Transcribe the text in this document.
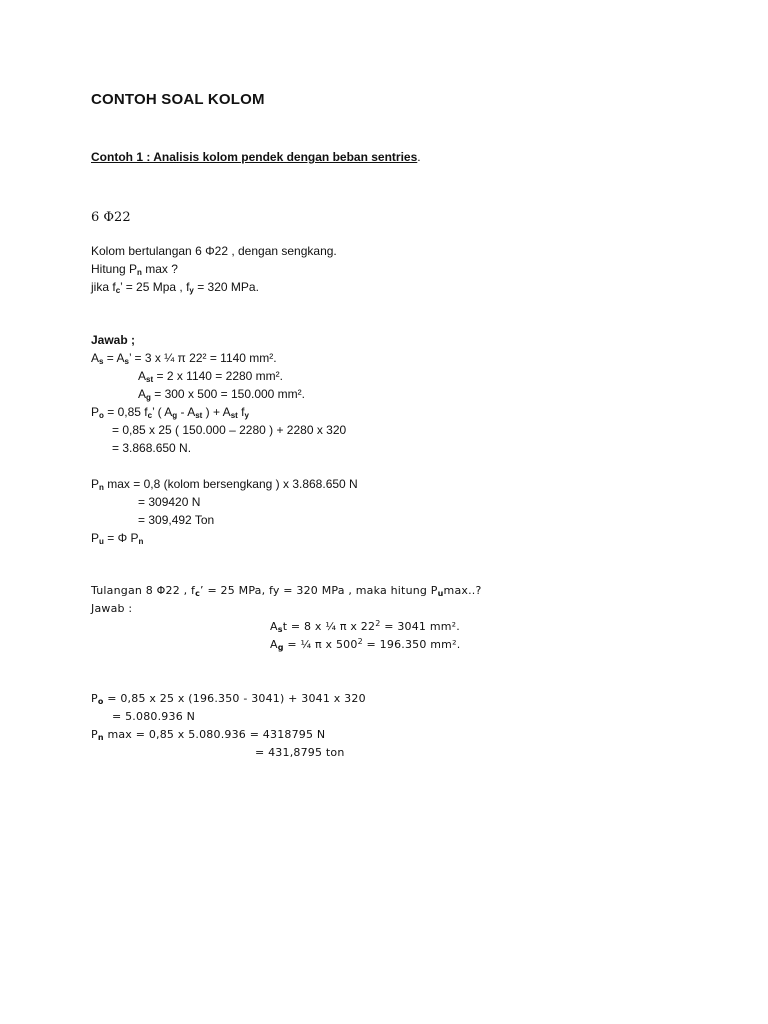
CONTOH SOAL KOLOM
Contoh 1 : Analisis kolom pendek dengan beban sentries.
6 Φ22
Kolom bertulangan 6 Φ22 , dengan sengkang.
Hitung $P_n$ max ?
jika $f_c$’ = 25 Mpa , $f_y = 320$ MPa.
Jawab ;
$A_s = A_s$’ = 3 x ¼ π 22² = 1140 mm².
$A_{st} = 2$ x 1140 = 2280 mm².
$A_g = 300$ x 500 = 150.000 mm².
$P_o = 0,85$ $f_c$’ ( $A_g - A_{st}$ ) + $A_{st}$ $f_y$
= 0,85 x 25 ( 150.000 – 2280 ) + 2280 x 320
= 3.868.650 N.
$P_n$ max = 0,8 (kolom bersengkang ) x 3.868.650 N
= 309420 N
= 309,492 Ton
$P_u = \Phi$ $P_n$
Tulangan 8 Φ22 , $f_c$’ = 25 MPa, fy = 320 MPa , maka hitung $P_u\max$..?
Jawab :
$A_st = 8$ x ¼ π x $22^2 = 3041$ mm².
$A_g$ = ¼ π x $500^2 = 196.350$ mm².
$P_o = 0,85$ x 25 x (196.350 - 3041) + 3041 x 320
= 5.080.936 N
$P_n$ max = 0,85 x 5.080.936 = 4318795 N
= 431,8795 ton
